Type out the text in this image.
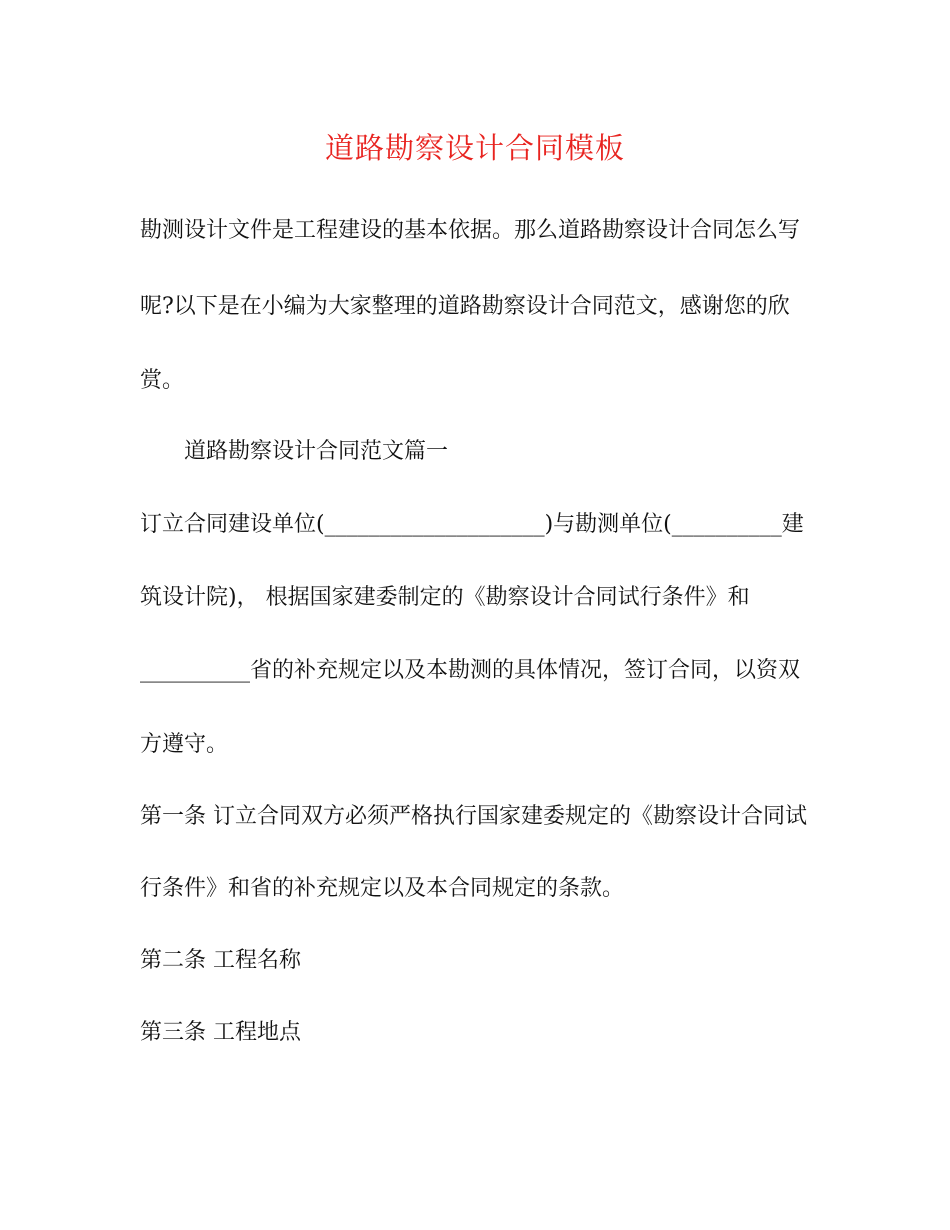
道路勘察设计合同模板
勘测设计文件是工程建设的基本依据。那么道路勘察设计合同怎么写
呢?以下是在小编为大家整理的道路勘察设计合同范文，感谢您的欣
赏。
道路勘察设计合同范文篇一
订立合同建设单位(____________________)与勘测单位(__________建
筑设计院)， 根据国家建委制定的《勘察设计合同试行条件》和
__________省的补充规定以及本勘测的具体情况，签订合同，以资双
方遵守。
第一条 订立合同双方必须严格执行国家建委规定的《勘察设计合同试
行条件》和省的补充规定以及本合同规定的条款。
第二条 工程名称
第三条 工程地点
